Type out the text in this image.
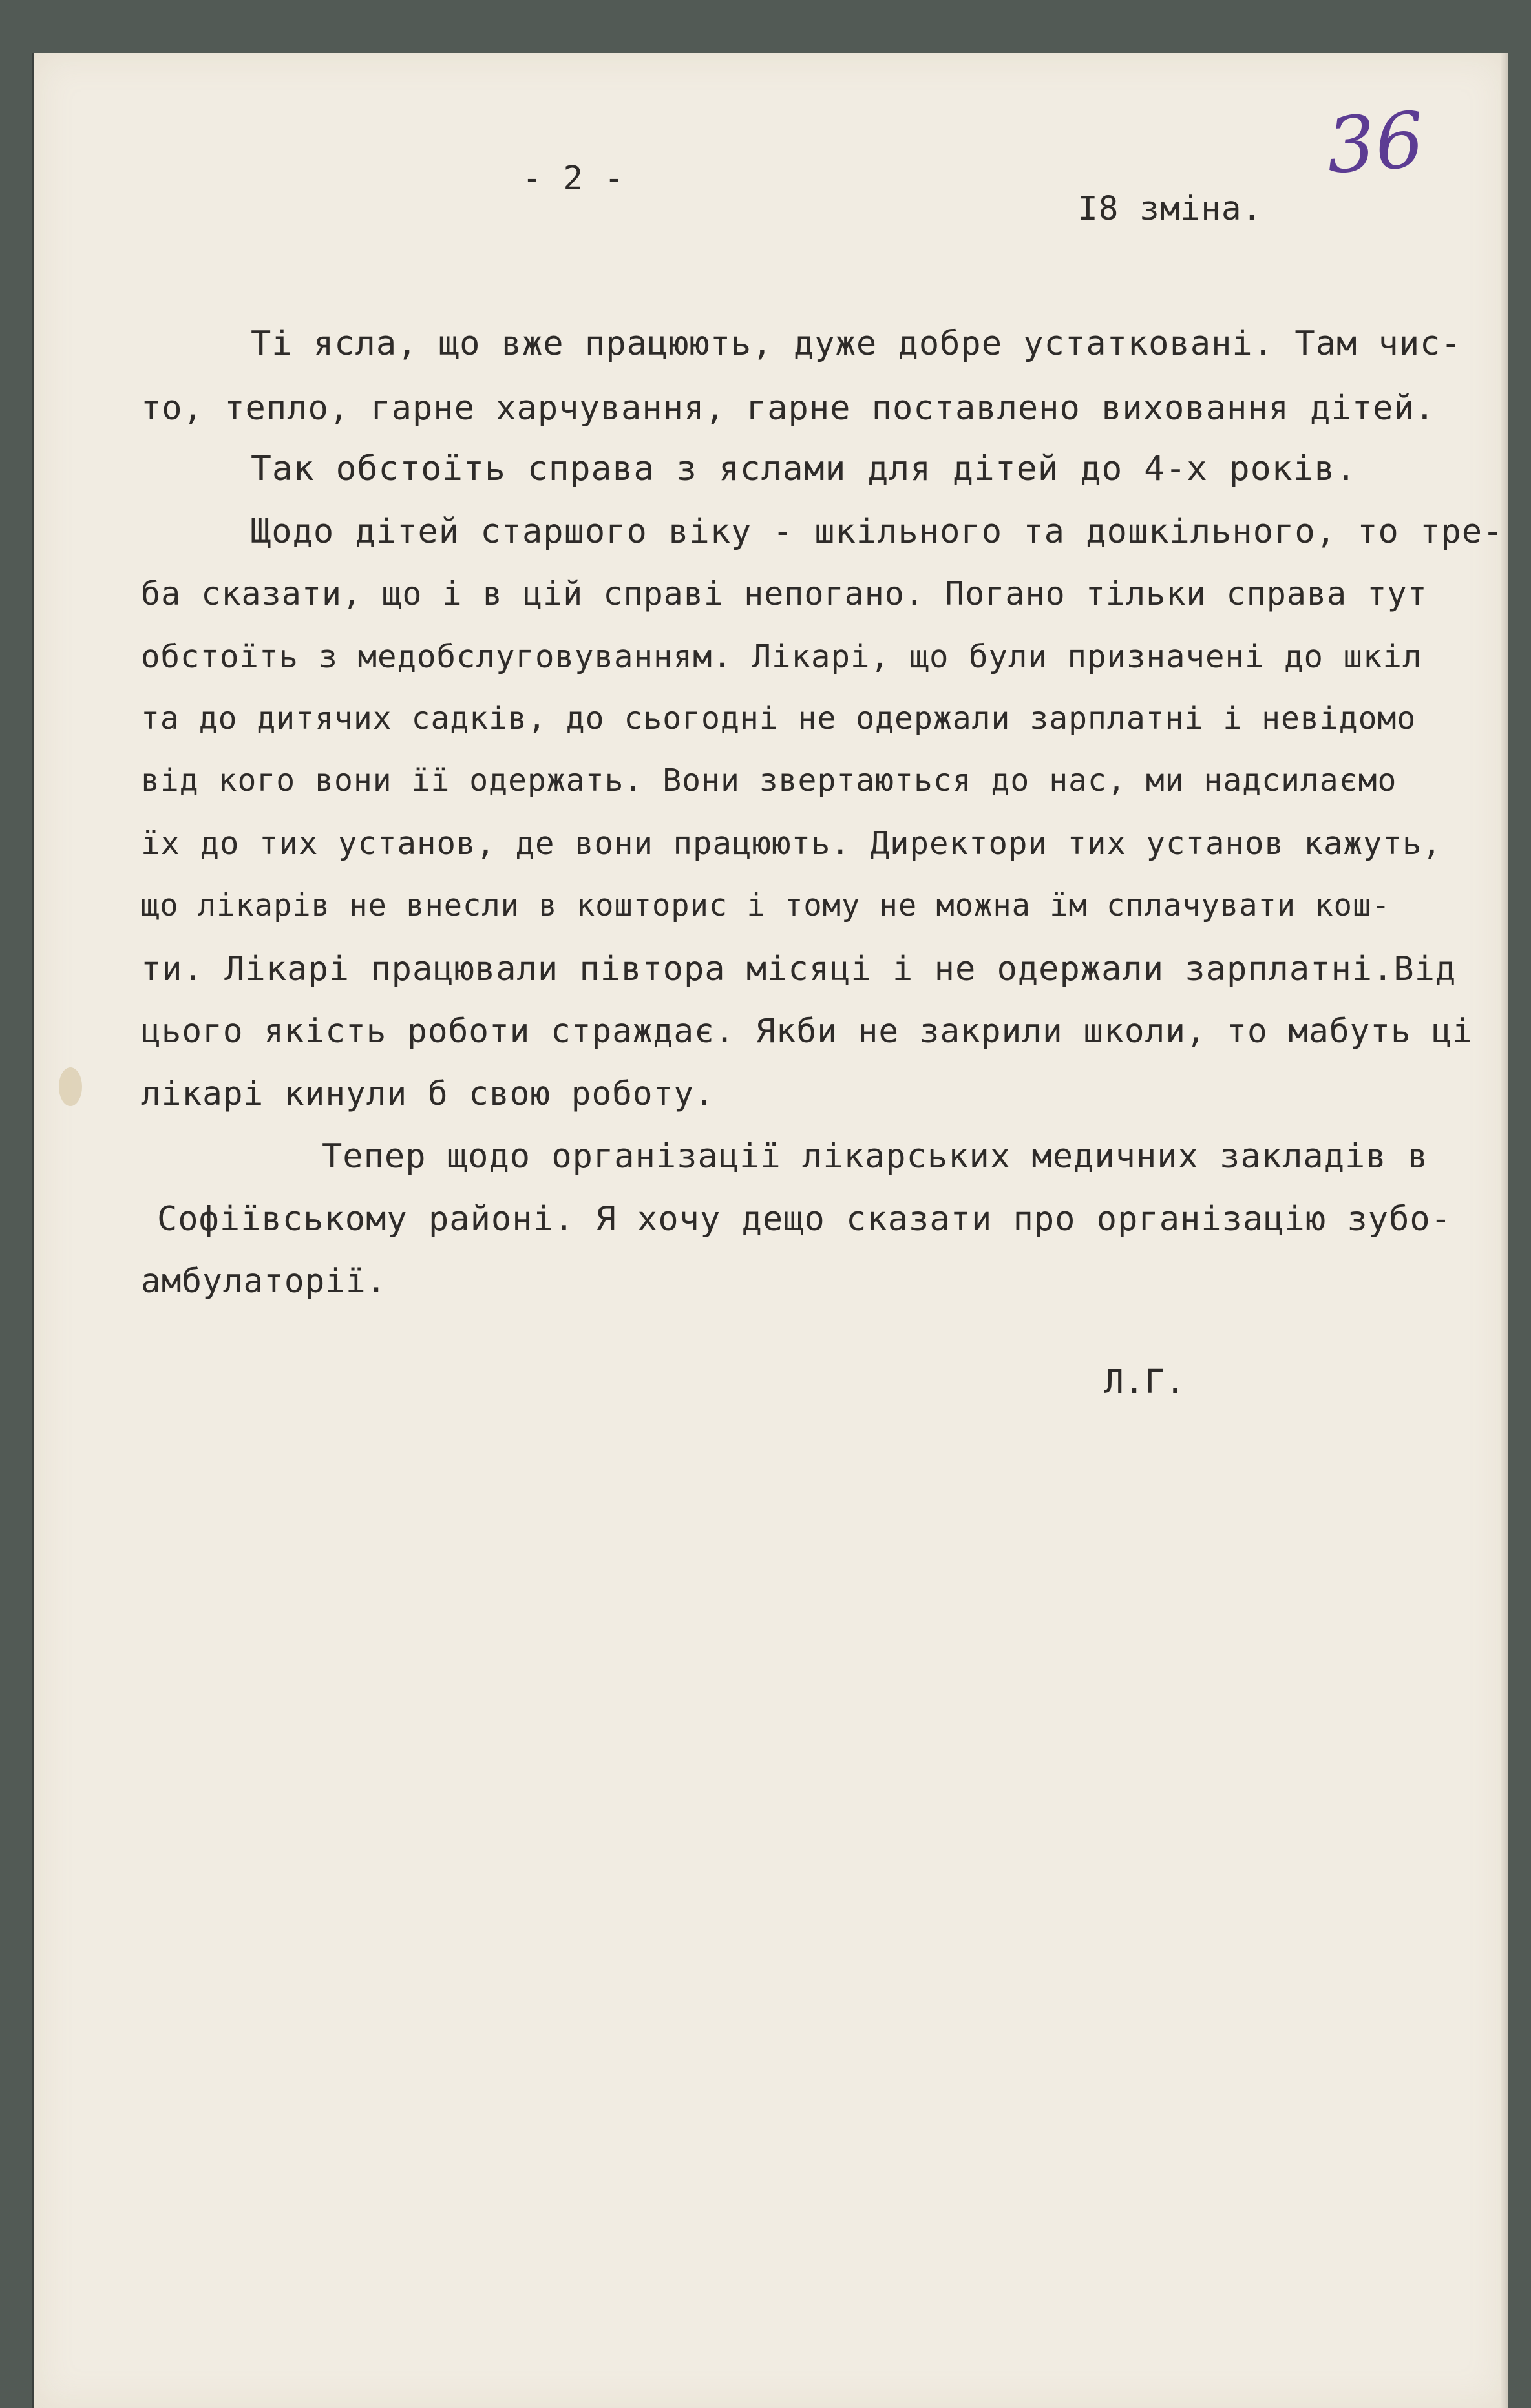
36
- 2 -
I8 зміна.
Ті ясла, що вже працюють, дуже добре устатковані. Там чис-
то, тепло, гарне харчування, гарне поставлено виховання дітей.
Так обстоїть справа з яслами для дітей до 4-х років.
Щодо дітей старшого віку - шкільного та дошкільного, то тре-
ба сказати, що і в цій справі непогано. Погано тільки справа тут
обстоїть з медобслуговуванням. Лікарі, що були призначені до шкіл
та до дитячих садків, до сьогодні не одержали зарплатні і невідомо
від кого вони її одержать. Вони звертаються до нас, ми надсилаємо
їх до тих установ, де вони працюють. Директори тих установ кажуть,
що лікарів не внесли в кошторис і тому не можна їм сплачувати кош-
ти. Лікарі працювали півтора місяці і не одержали зарплатні.Від
цього якість роботи страждає. Якби не закрили школи, то мабуть ці
лікарі кинули б свою роботу.
Тепер щодо організації лікарських медичних закладів в
Софіївському районі. Я хочу дещо сказати про організацію зубо-
амбулаторії.
Л.Г.
